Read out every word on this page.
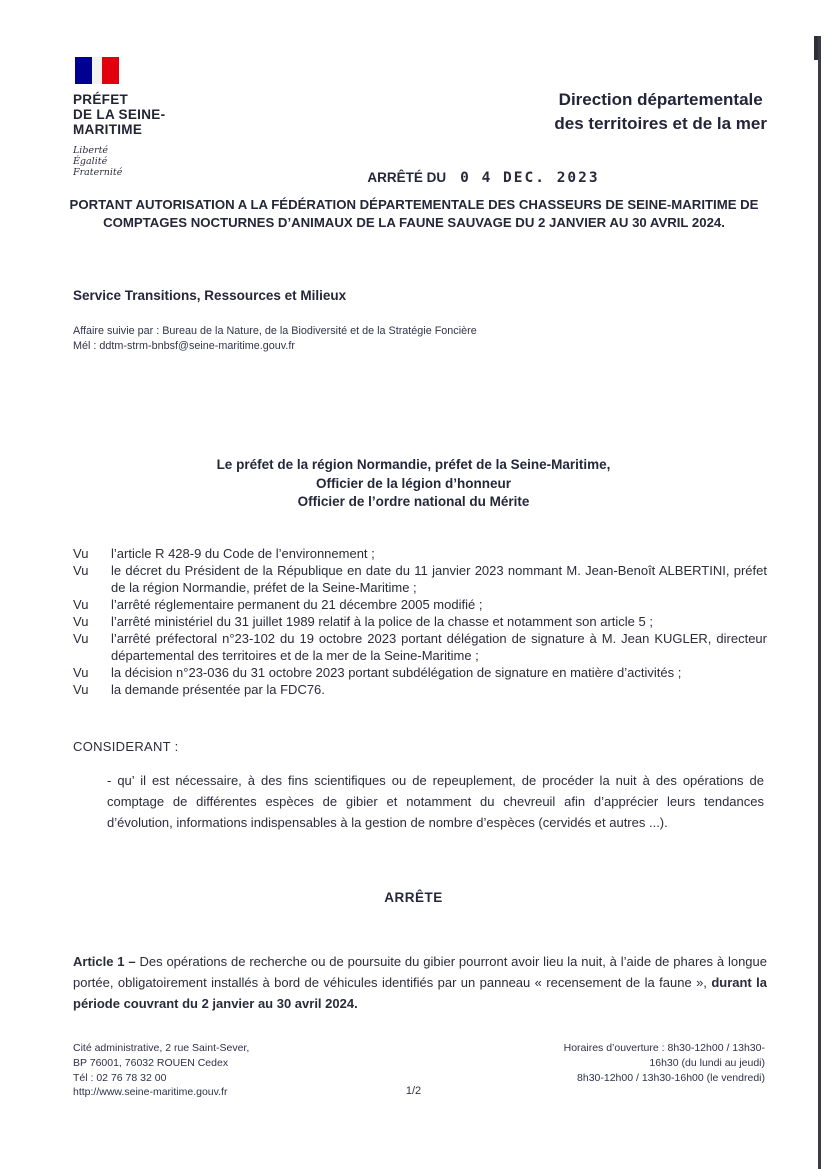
PRÉFET
DE LA SEINE-
MARITIME
Liberté
Égalité
Fraternité
Direction départementale
des territoires et de la mer
ARRÊTÉ DU 0 4 DEC. 2023
PORTANT AUTORISATION A LA FÉDÉRATION DÉPARTEMENTALE DES CHASSEURS DE SEINE-MARITIME DE COMPTAGES NOCTURNES D’ANIMAUX DE LA FAUNE SAUVAGE DU 2 JANVIER AU 30 AVRIL 2024.
Service Transitions, Ressources et Milieux
Affaire suivie par : Bureau de la Nature, de la Biodiversité et de la Stratégie Foncière
Mél : ddtm-strm-bnbsf@seine-maritime.gouv.fr
Le préfet de la région Normandie, préfet de la Seine-Maritime,
Officier de la légion d’honneur
Officier de l’ordre national du Mérite
Vu	l’article R 428-9 du Code de l’environnement ;
Vu	le décret du Président de la République en date du 11 janvier 2023 nommant M. Jean-Benoît ALBERTINI, préfet de la région Normandie, préfet de la Seine-Maritime ;
Vu	l’arrêté réglementaire permanent du 21 décembre 2005 modifié ;
Vu	l’arrêté ministériel du 31 juillet 1989 relatif à la police de la chasse et notamment son article 5 ;
Vu	l’arrêté préfectoral n°23-102 du 19 octobre 2023 portant délégation de signature à M. Jean KUGLER, directeur départemental des territoires et de la mer de la Seine-Maritime ;
Vu	la décision n°23-036 du 31 octobre 2023 portant subdélégation de signature en matière d’activités ;
Vu	la demande présentée par la FDC76.
CONSIDERANT :
- qu’ il est nécessaire, à des fins scientifiques ou de repeuplement, de procéder la nuit à des opérations de comptage de différentes espèces de gibier et notamment du chevreuil afin d’apprécier leurs tendances d’évolution, informations indispensables à la gestion de nombre d’espèces (cervidés et autres ...).
ARRÊTE

Article 1 – Des opérations de recherche ou de poursuite du gibier pourront avoir lieu la nuit, à l’aide de phares à longue portée, obligatoirement installés à bord de véhicules identifiés par un panneau « recensement de la faune », durant la période couvrant du 2 janvier au 30 avril 2024.

Cité administrative, 2 rue Saint-Sever,
BP 76001, 76032 ROUEN Cedex
Tél : 02 76 78 32 00
http://www.seine-maritime.gouv.fr	1/2
Horaires d’ouverture : 8h30-12h00 / 13h30-
16h30 (du lundi au jeudi)
8h30-12h00 / 13h30-16h00 (le vendredi)
